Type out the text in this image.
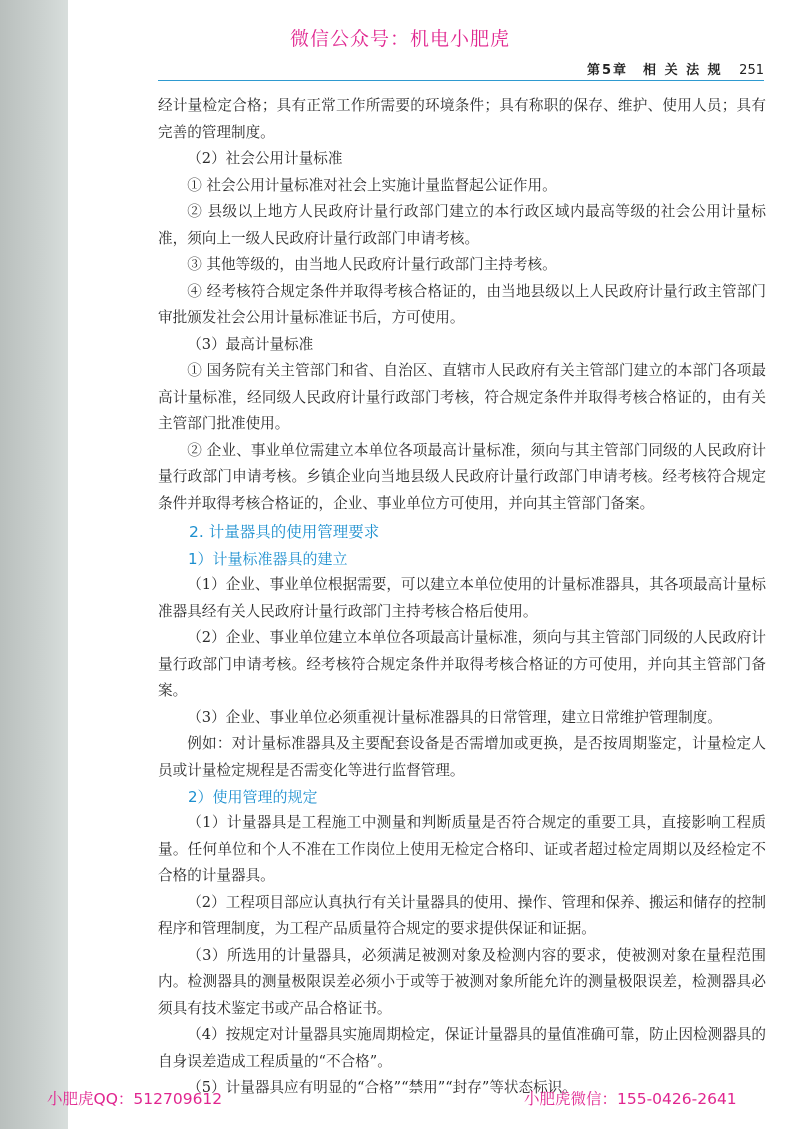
微信公众号：机电小肥虎
第5章　相 关 法 规 251

经计量检定合格；具有正常工作所需要的环境条件；具有称职的保存、维护、使用人员；具有完善的管理制度。

（2）社会公用计量标准

① 社会公用计量标准对社会上实施计量监督起公证作用。

② 县级以上地方人民政府计量行政部门建立的本行政区域内最高等级的社会公用计量标准，须向上一级人民政府计量行政部门申请考核。

③ 其他等级的，由当地人民政府计量行政部门主持考核。

④ 经考核符合规定条件并取得考核合格证的，由当地县级以上人民政府计量行政主管部门审批颁发社会公用计量标准证书后，方可使用。

（3）最高计量标准

① 国务院有关主管部门和省、自治区、直辖市人民政府有关主管部门建立的本部门各项最高计量标准，经同级人民政府计量行政部门考核，符合规定条件并取得考核合格证的，由有关主管部门批准使用。

② 企业、事业单位需建立本单位各项最高计量标准，须向与其主管部门同级的人民政府计量行政部门申请考核。乡镇企业向当地县级人民政府计量行政部门申请考核。经考核符合规定条件并取得考核合格证的，企业、事业单位方可使用，并向其主管部门备案。

2. 计量器具的使用管理要求

1）计量标准器具的建立

（1）企业、事业单位根据需要，可以建立本单位使用的计量标准器具，其各项最高计量标准器具经有关人民政府计量行政部门主持考核合格后使用。

（2）企业、事业单位建立本单位各项最高计量标准，须向与其主管部门同级的人民政府计量行政部门申请考核。经考核符合规定条件并取得考核合格证的方可使用，并向其主管部门备案。

（3）企业、事业单位必须重视计量标准器具的日常管理，建立日常维护管理制度。

例如：对计量标准器具及主要配套设备是否需增加或更换，是否按周期鉴定，计量检定人员或计量检定规程是否需变化等进行监督管理。

2）使用管理的规定

（1）计量器具是工程施工中测量和判断质量是否符合规定的重要工具，直接影响工程质量。任何单位和个人不准在工作岗位上使用无检定合格印、证或者超过检定周期以及经检定不合格的计量器具。

（2）工程项目部应认真执行有关计量器具的使用、操作、管理和保养、搬运和储存的控制程序和管理制度，为工程产品质量符合规定的要求提供保证和证据。

（3）所选用的计量器具，必须满足被测对象及检测内容的要求，使被测对象在量程范围内。检测器具的测量极限误差必须小于或等于被测对象所能允许的测量极限误差，检测器具必须具有技术鉴定书或产品合格证书。

（4）按规定对计量器具实施周期检定，保证计量器具的量值准确可靠，防止因检测器具的自身误差造成工程质量的“不合格”。

（5）计量器具应有明显的“合格”“禁用”“封存”等状态标识。

小肥虎QQ：512709612	小肥虎微信：155-0426-2641
